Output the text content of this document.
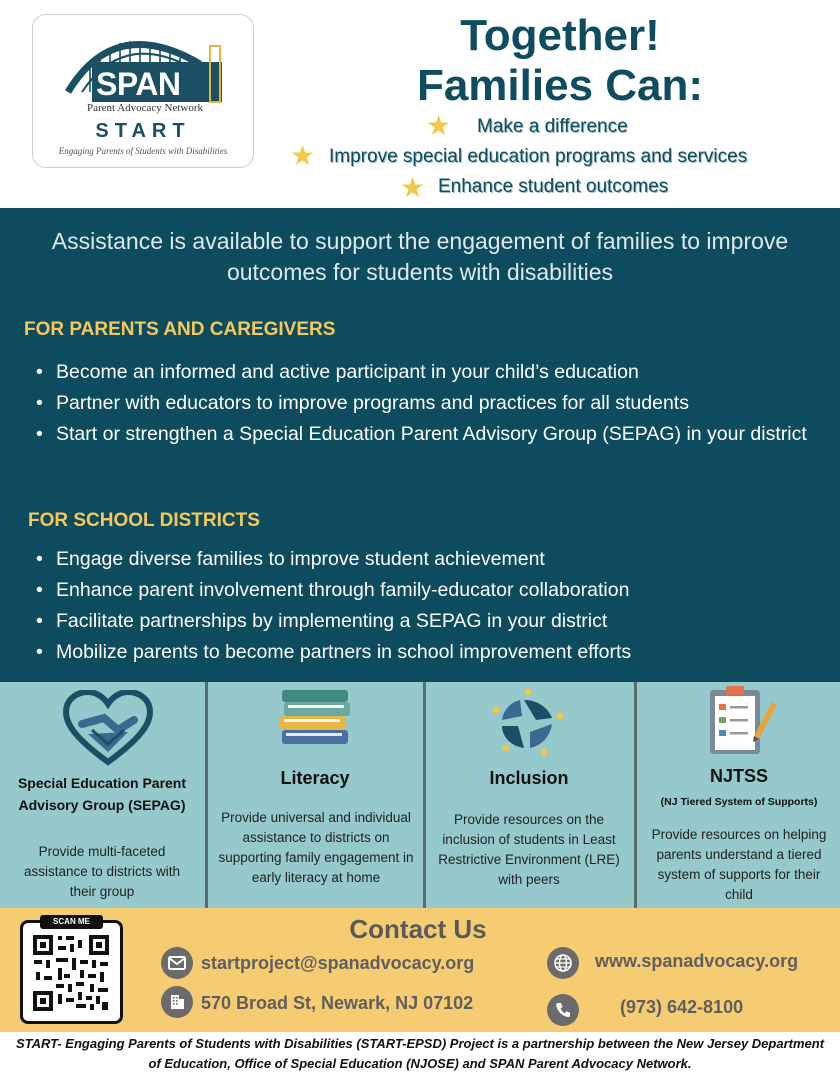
SPAN
Parent Advocacy Network
START
Engaging Parents of Students with Disabilities
Together!
Families Can:
★ Make a difference
★ Improve special education programs and services
★ Enhance student outcomes
Assistance is available to support the engagement of families to improve outcomes for students with disabilities
FOR PARENTS AND CAREGIVERS
• Become an informed and active participant in your child’s education
• Partner with educators to improve programs and practices for all students
• Start or strengthen a Special Education Parent Advisory Group (SEPAG) in your district
FOR SCHOOL DISTRICTS
• Engage diverse families to improve student achievement
• Enhance parent involvement through family-educator collaboration
• Facilitate partnerships by implementing a SEPAG in your district
• Mobilize parents to become partners in school improvement efforts
Special Education Parent Advisory Group (SEPAG)
Provide multi-faceted assistance to districts with their group
Literacy
Provide universal and individual assistance to districts on supporting family engagement in early literacy at home
Inclusion
Provide resources on the inclusion of students in Least Restrictive Environment (LRE) with peers
NJTSS
(NJ Tiered System of Supports)
Provide resources on helping parents understand a tiered system of supports for their child
SCAN ME	Contact Us
startproject@spanadvocacy.org
570 Broad St, Newark, NJ 07102
www.spanadvocacy.org
(973) 642-8100
START- Engaging Parents of Students with Disabilities (START-EPSD) Project is a partnership between the New Jersey Department of Education, Office of Special Education (NJOSE) and SPAN Parent Advocacy Network.
